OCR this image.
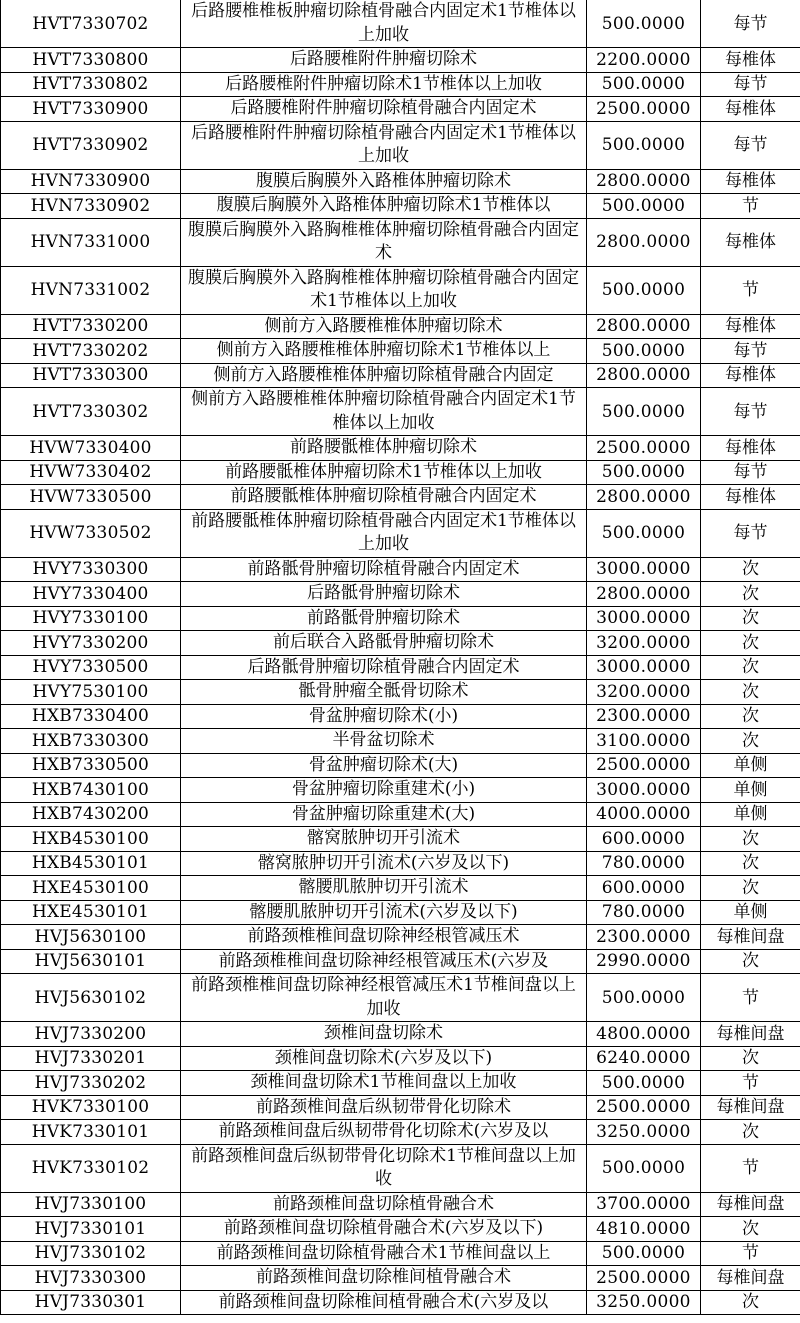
HVT7330702	后路腰椎椎板肿瘤切除植骨融合内固定术1节椎体以上加收	500.0000	每节
HVT7330800	后路腰椎附件肿瘤切除术	2200.0000	每椎体
HVT7330802	后路腰椎附件肿瘤切除术1节椎体以上加收	500.0000	每节
HVT7330900	后路腰椎附件肿瘤切除植骨融合内固定术	2500.0000	每椎体
HVT7330902	后路腰椎附件肿瘤切除植骨融合内固定术1节椎体以上加收	500.0000	每节
HVN7330900	腹膜后胸膜外入路椎体肿瘤切除术	2800.0000	每椎体
HVN7330902	腹膜后胸膜外入路椎体肿瘤切除术1节椎体以	500.0000	节
HVN7331000	腹膜后胸膜外入路胸椎椎体肿瘤切除植骨融合内固定术	2800.0000	每椎体
HVN7331002	腹膜后胸膜外入路胸椎椎体肿瘤切除植骨融合内固定术1节椎体以上加收	500.0000	节
HVT7330200	侧前方入路腰椎椎体肿瘤切除术	2800.0000	每椎体
HVT7330202	侧前方入路腰椎椎体肿瘤切除术1节椎体以上	500.0000	每节
HVT7330300	侧前方入路腰椎椎体肿瘤切除植骨融合内固定	2800.0000	每椎体
HVT7330302	侧前方入路腰椎椎体肿瘤切除植骨融合内固定术1节椎体以上加收	500.0000	每节
HVW7330400	前路腰骶椎体肿瘤切除术	2500.0000	每椎体
HVW7330402	前路腰骶椎体肿瘤切除术1节椎体以上加收	500.0000	每节
HVW7330500	前路腰骶椎体肿瘤切除植骨融合内固定术	2800.0000	每椎体
HVW7330502	前路腰骶椎体肿瘤切除植骨融合内固定术1节椎体以上加收	500.0000	每节
HVY7330300	前路骶骨肿瘤切除植骨融合内固定术	3000.0000	次
HVY7330400	后路骶骨肿瘤切除术	2800.0000	次
HVY7330100	前路骶骨肿瘤切除术	3000.0000	次
HVY7330200	前后联合入路骶骨肿瘤切除术	3200.0000	次
HVY7330500	后路骶骨肿瘤切除植骨融合内固定术	3000.0000	次
HVY7530100	骶骨肿瘤全骶骨切除术	3200.0000	次
HXB7330400	骨盆肿瘤切除术(小)	2300.0000	次
HXB7330300	半骨盆切除术	3100.0000	次
HXB7330500	骨盆肿瘤切除术(大)	2500.0000	单侧
HXB7430100	骨盆肿瘤切除重建术(小)	3000.0000	单侧
HXB7430200	骨盆肿瘤切除重建术(大)	4000.0000	单侧
HXB4530100	髂窝脓肿切开引流术	600.0000	次
HXB4530101	髂窝脓肿切开引流术(六岁及以下)	780.0000	次
HXE4530100	髂腰肌脓肿切开引流术	600.0000	次
HXE4530101	髂腰肌脓肿切开引流术(六岁及以下)	780.0000	单侧
HVJ5630100	前路颈椎椎间盘切除神经根管减压术	2300.0000	每椎间盘
HVJ5630101	前路颈椎椎间盘切除神经根管减压术(六岁及	2990.0000	次
HVJ5630102	前路颈椎椎间盘切除神经根管减压术1节椎间盘以上加收	500.0000	节
HVJ7330200	颈椎间盘切除术	4800.0000	每椎间盘
HVJ7330201	颈椎间盘切除术(六岁及以下)	6240.0000	次
HVJ7330202	颈椎间盘切除术1节椎间盘以上加收	500.0000	节
HVK7330100	前路颈椎间盘后纵韧带骨化切除术	2500.0000	每椎间盘
HVK7330101	前路颈椎间盘后纵韧带骨化切除术(六岁及以	3250.0000	次
HVK7330102	前路颈椎间盘后纵韧带骨化切除术1节椎间盘以上加收	500.0000	节
HVJ7330100	前路颈椎间盘切除植骨融合术	3700.0000	每椎间盘
HVJ7330101	前路颈椎间盘切除植骨融合术(六岁及以下)	4810.0000	次
HVJ7330102	前路颈椎间盘切除植骨融合术1节椎间盘以上	500.0000	节
HVJ7330300	前路颈椎间盘切除椎间植骨融合术	2500.0000	每椎间盘
HVJ7330301	前路颈椎间盘切除椎间植骨融合术(六岁及以	3250.0000	次
